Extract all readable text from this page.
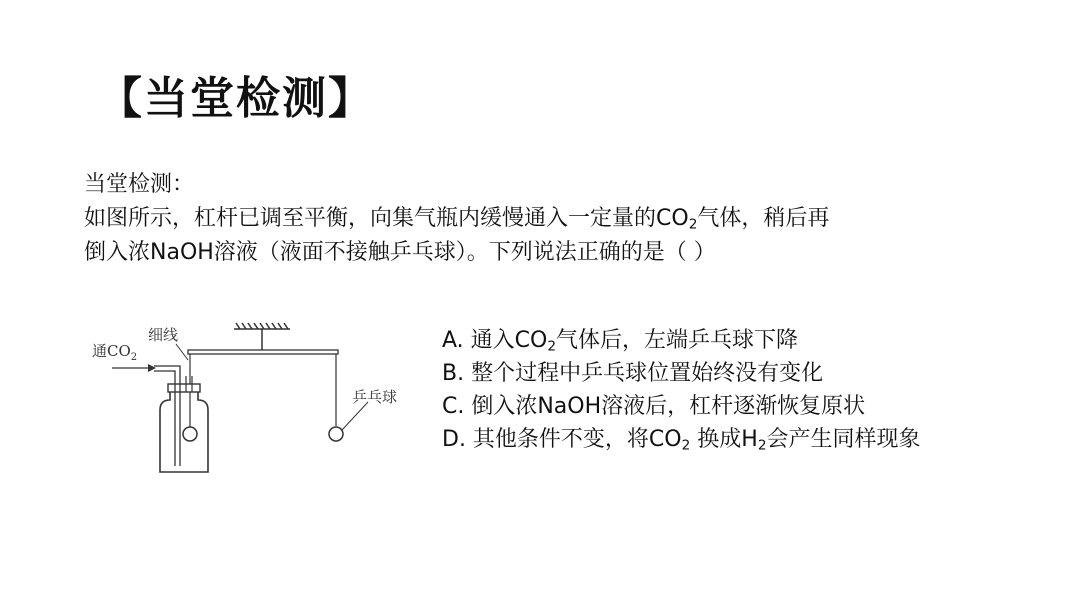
【当堂检测】

当堂检测：

如图所示，杠杆已调至平衡，向集气瓶内缓慢通入一定量的$CO_2$气体，稍后再

倒入浓NaOH溶液（液面不接触乒乓球）。下列说法正确的是（ ）

通$CO_2$
细线
乒乓球
A. 通入$CO_2$气体后，左端乒乓球下降
B. 整个过程中乒乓球位置始终没有变化
C. 倒入浓NaOH溶液后，杠杆逐渐恢复原状
D. 其他条件不变，将$CO_2$ 换成$H_2$会产生同样现象
